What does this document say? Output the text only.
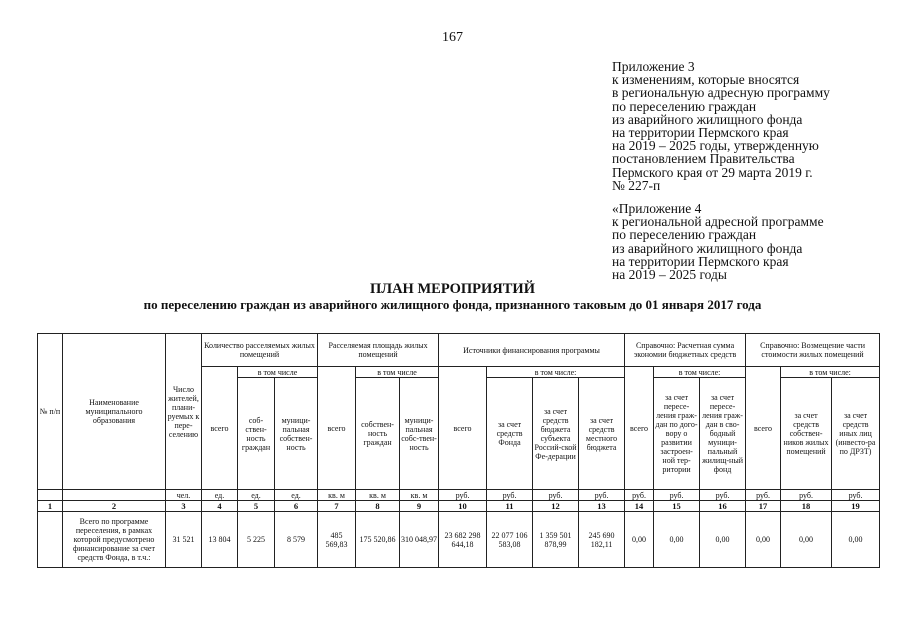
167
Приложение 3
к изменениям, которые вносятся
в региональную адресную программу
по переселению граждан
из аварийного жилищного фонда
на территории Пермского края
на 2019 – 2025 годы, утвержденную
постановлением Правительства
Пермского края от 29 марта 2019 г.
№ 227-п
«Приложение 4
к региональной адресной программе
по переселению граждан
из аварийного жилищного фонда
на территории Пермского края
на 2019 – 2025 годы
ПЛАН МЕРОПРИЯТИЙ
по переселению граждан из аварийного жилищного фонда, признанного таковым до 01 января 2017 года
№ п/п	Наименование муниципального образования	Число жителей, плани-руемых к пере-селению	Количество расселяемых жилых помещений			Расселяемая площадь жилых помещений			Источники финансирования программы				Справочно: Расчетная сумма экономии бюджетных средств			Справочно: Возмещение части стоимости жилых помещений		
			всего	в том числе		всего	в том числе		всего	в том числе:			всего	в том числе:		всего	в том числе:	
				соб-ствен-ность граждан	муници-пальная собствен-ность		собствен-ность граждан	муници-пальная собс-твен-ность		за счет средств Фонда	за счет средств бюджета субъекта Россий-ской Фе-дерации	за счет средств местного бюджета		за счет пересе-ления граж-дан по дого-вору о развитии застроен-ной тер-ритории	за счет пересе-ления граж-дан в сво-бодный муници-пальный жилищ-ный фонд		за счет средств собствен-ников жилых помещений	за счет средств иных лиц (инвесто-ра по ДРЗТ)
		чел.	ед.	ед.	ед.	кв. м	кв. м	кв. м	руб.	руб.	руб.	руб.	руб.	руб.	руб.	руб.	руб.	руб.
1	2	3	4	5	6	7	8	9	10	11	12	13	14	15	16	17	18	19
	Всего по программе переселения, в рамках которой предусмотрено финансирование за счет средств Фонда, в т.ч.:	31 521	13 804	5 225	8 579	485 569,83	175 520,86	310 048,97	23 682 298 644,18	22 077 106 583,08	1 359 501 878,99	245 690 182,11	0,00	0,00	0,00	0,00	0,00	0,00
